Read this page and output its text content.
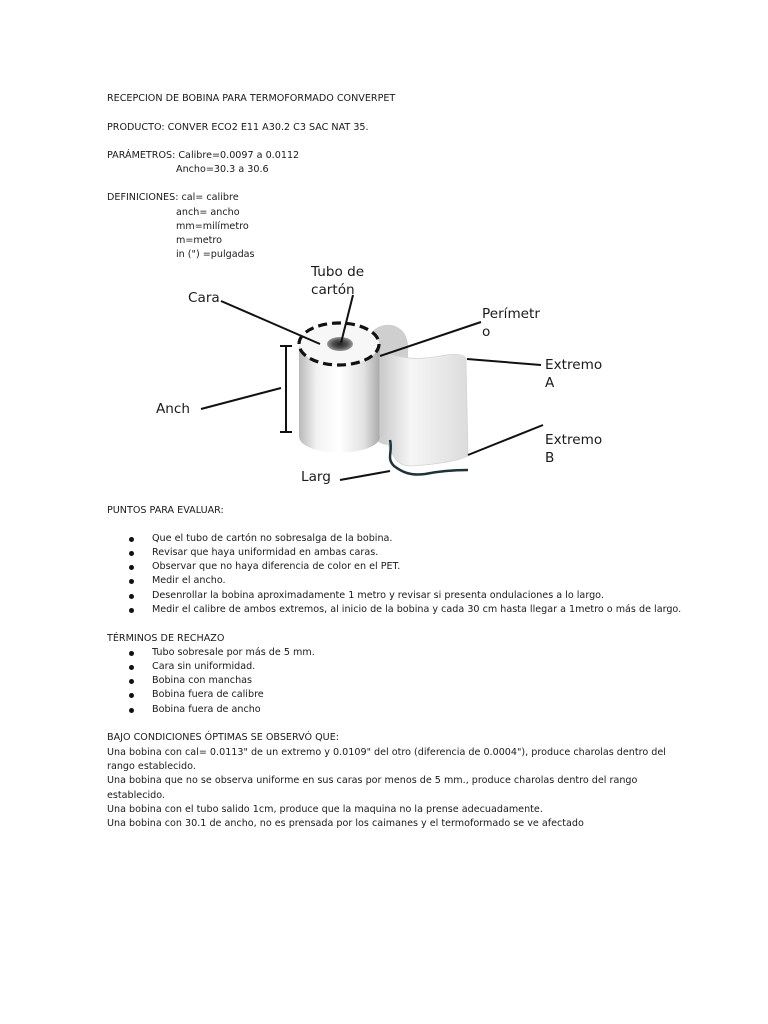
RECEPCION DE BOBINA PARA TERMOFORMADO CONVERPET
PRODUCTO: CONVER ECO2 E11 A30.2 C3 SAC NAT 35.
PARÁMETROS: Calibre=0.0097 a 0.0112
Ancho=30.3 a 30.6
DEFINICIONES: cal= calibre
anch= ancho
mm=milímetro
m=metro
in (") =pulgadas
Tubo de
cartón
Cara
Perímetr
o
Extremo
A
Anch
Extremo
B
Larg
PUNTOS PARA EVALUAR:
Que el tubo de cartón no sobresalga de la bobina.
Revisar que haya uniformidad en ambas caras.
Observar que no haya diferencia de color en el PET.
Medir el ancho.
Desenrollar la bobina aproximadamente 1 metro y revisar si presenta ondulaciones a lo largo.
Medir el calibre de ambos extremos, al inicio de la bobina y cada 30 cm hasta llegar a 1metro o más de largo.
TÉRMINOS DE RECHAZO
Tubo sobresale por más de 5 mm.
Cara sin uniformidad.
Bobina con manchas
Bobina fuera de calibre
Bobina fuera de ancho
BAJO CONDICIONES ÓPTIMAS SE OBSERVÓ QUE:
Una bobina con cal= 0.0113" de un extremo y 0.0109" del otro (diferencia de 0.0004"), produce charolas dentro del
rango establecido.
Una bobina que no se observa uniforme en sus caras por menos de 5 mm., produce charolas dentro del rango
establecido.
Una bobina con el tubo salido 1cm, produce que la maquina no la prense adecuadamente.
Una bobina con 30.1 de ancho, no es prensada por los caimanes y el termoformado se ve afectado
